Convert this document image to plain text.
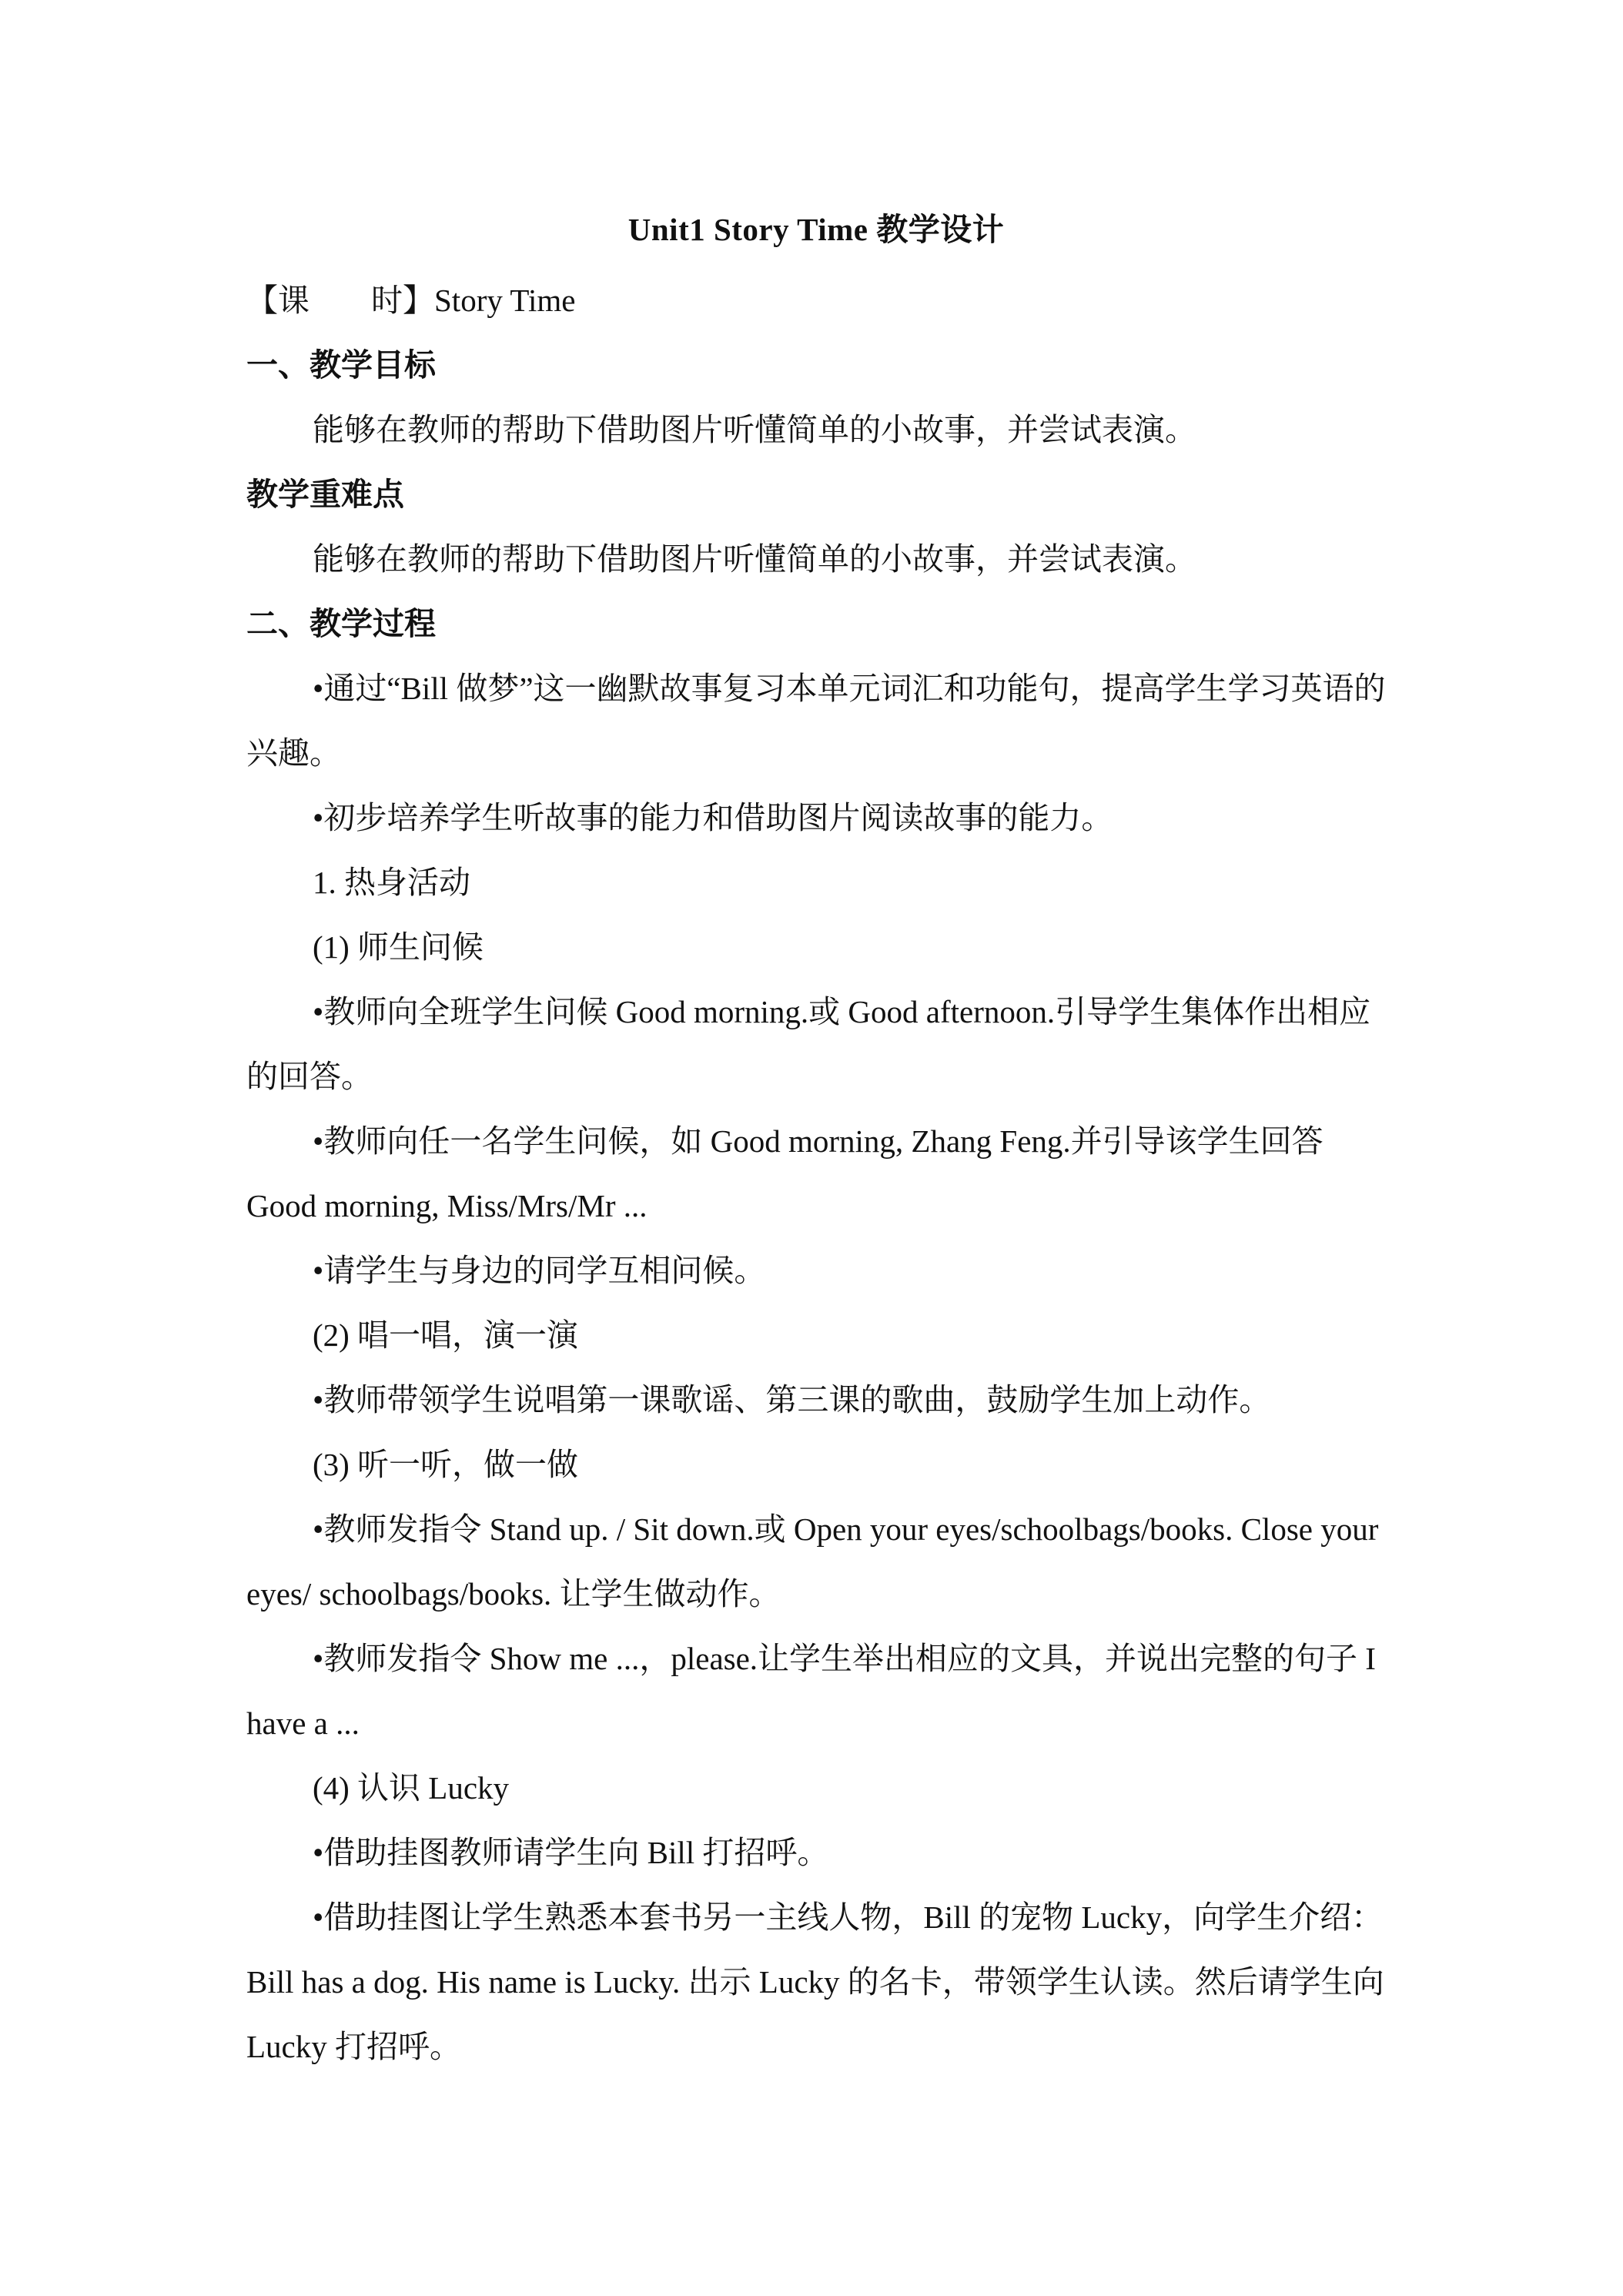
Unit1 Story Time 教学设计

【课 时】Story Time

一、教学目标

能够在教师的帮助下借助图片听懂简单的小故事，并尝试表演。

教学重难点

能够在教师的帮助下借助图片听懂简单的小故事，并尝试表演。

二、教学过程

•通过“Bill 做梦”这一幽默故事复习本单元词汇和功能句，提高学生学习英语的兴趣。

•初步培养学生听故事的能力和借助图片阅读故事的能力。

1. 热身活动

(1) 师生问候

•教师向全班学生问候 Good morning.或 Good afternoon.引导学生集体作出相应的回答。

•教师向任一名学生问候，如 Good morning, Zhang Feng.并引导该学生回答 Good morning, Miss/Mrs/Mr ...

•请学生与身边的同学互相问候。

(2) 唱一唱，演一演

•教师带领学生说唱第一课歌谣、第三课的歌曲，鼓励学生加上动作。

(3) 听一听，做一做

•教师发指令 Stand up. / Sit down.或 Open your eyes/schoolbags/books. Close your eyes/ schoolbags/books. 让学生做动作。

•教师发指令 Show me ...，please.让学生举出相应的文具，并说出完整的句子 I have a ...

(4) 认识 Lucky

•借助挂图教师请学生向 Bill 打招呼。

•借助挂图让学生熟悉本套书另一主线人物，Bill 的宠物 Lucky，向学生介绍：Bill has a dog. His name is Lucky. 出示 Lucky 的名卡，带领学生认读。然后请学生向 Lucky 打招呼。
